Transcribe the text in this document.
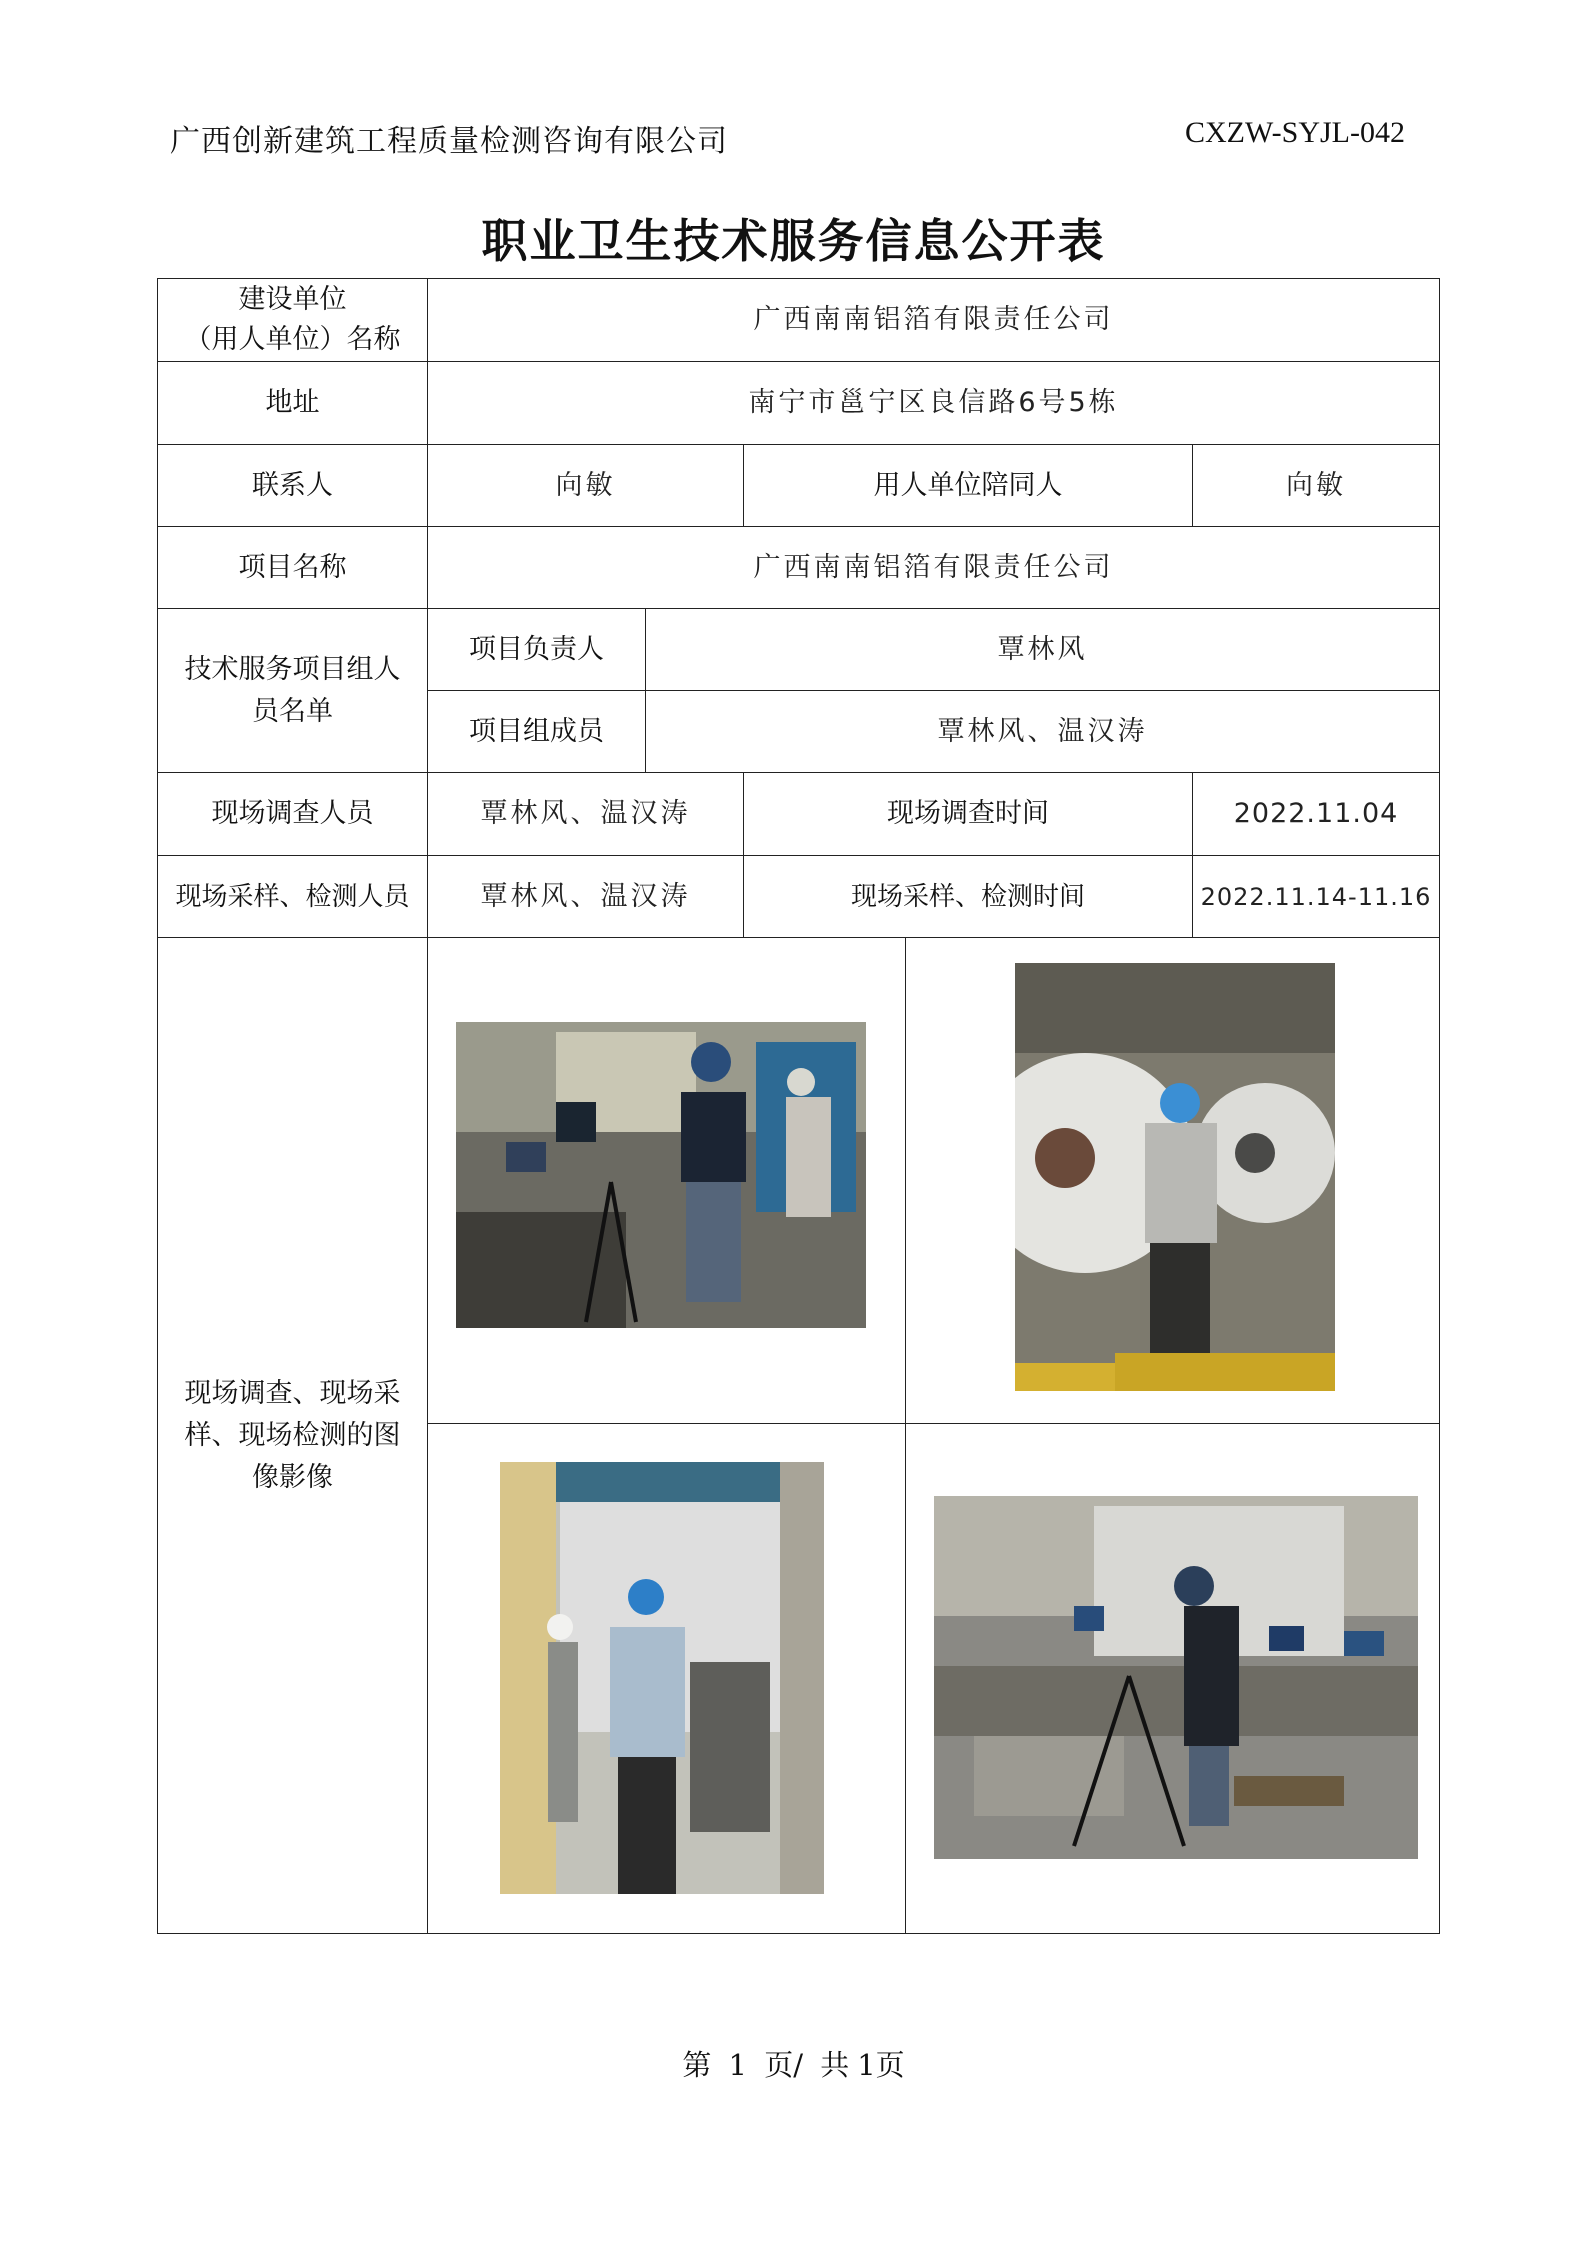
广西创新建筑工程质量检测咨询有限公司	CXZW-SYJL-042
职业卫生技术服务信息公开表
建设单位
（用人单位）名称	广西南南铝箔有限责任公司				
地址	南宁市邕宁区良信路6号5栋				
联系人	向敏		用人单位陪同人		向敏
项目名称	广西南南铝箔有限责任公司				

技术服务项目组人员名单	项目负责人	覃林风			
	项目组成员	覃林风、温汉涛			
现场调查人员	覃林风、温汉涛		现场调查时间		2022.11.04
现场采样、检测人员	覃林风、温汉涛		现场采样、检测时间		2022.11.14-11.16

现场调查、现场采样、现场检测的图像影像

第 1 页/ 共 1页
